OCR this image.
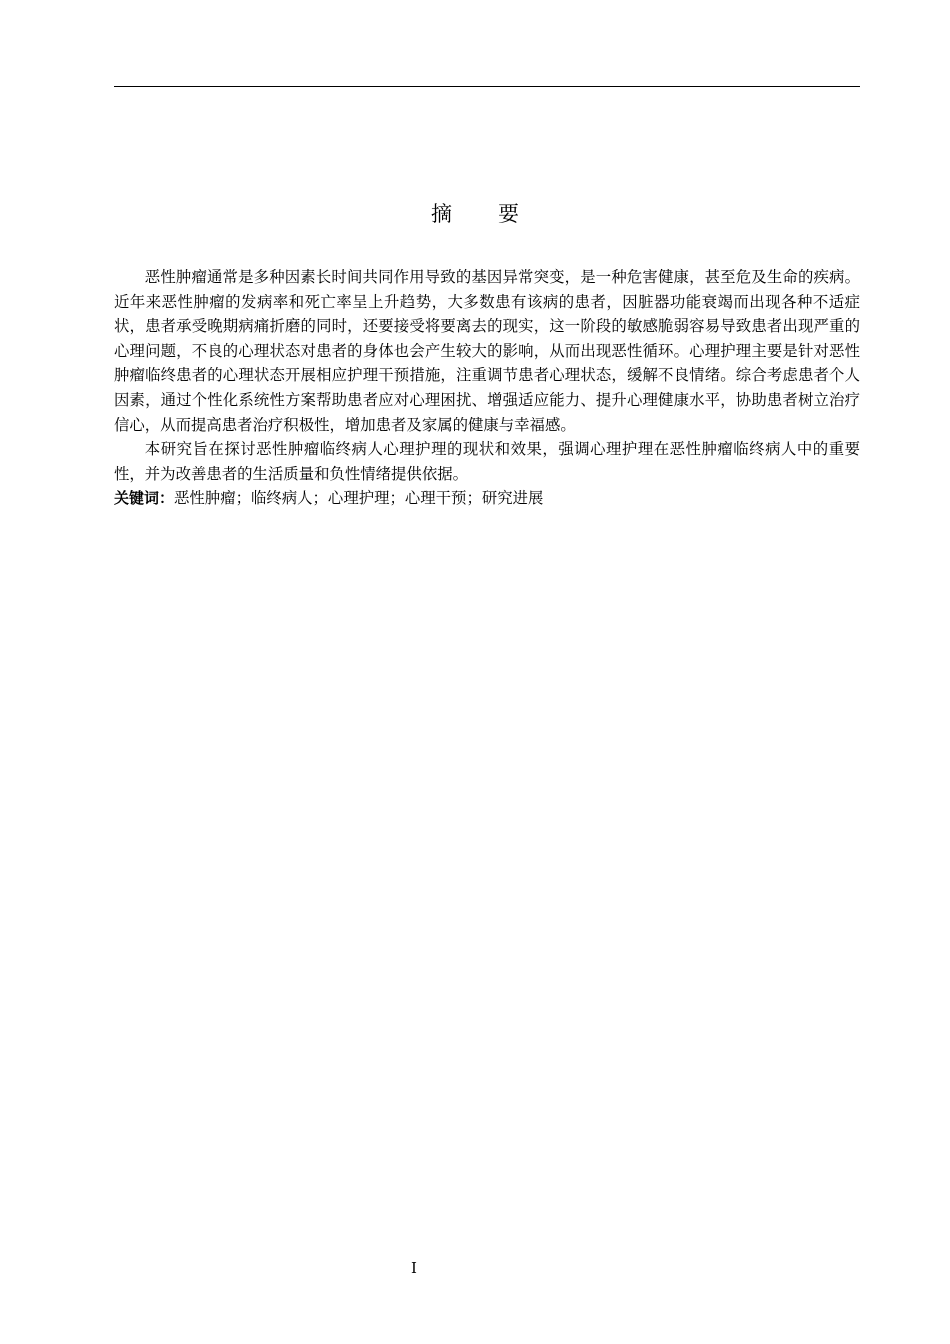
摘 要

恶性肿瘤通常是多种因素长时间共同作用导致的基因异常突变，是一种危害健康，甚至危及生命的疾病。近年来恶性肿瘤的发病率和死亡率呈上升趋势，大多数患有该病的患者，因脏器功能衰竭而出现各种不适症状，患者承受晚期病痛折磨的同时，还要接受将要离去的现实，这一阶段的敏感脆弱容易导致患者出现严重的心理问题，不良的心理状态对患者的身体也会产生较大的影响，从而出现恶性循环。心理护理主要是针对恶性肿瘤临终患者的心理状态开展相应护理干预措施，注重调节患者心理状态，缓解不良情绪。综合考虑患者个人因素，通过个性化系统性方案帮助患者应对心理困扰、增强适应能力、提升心理健康水平，协助患者树立治疗信心，从而提高患者治疗积极性，增加患者及家属的健康与幸福感。

本研究旨在探讨恶性肿瘤临终病人心理护理的现状和效果，强调心理护理在恶性肿瘤临终病人中的重要性，并为改善患者的生活质量和负性情绪提供依据。

关键词：恶性肿瘤；临终病人；心理护理；心理干预；研究进展

I
